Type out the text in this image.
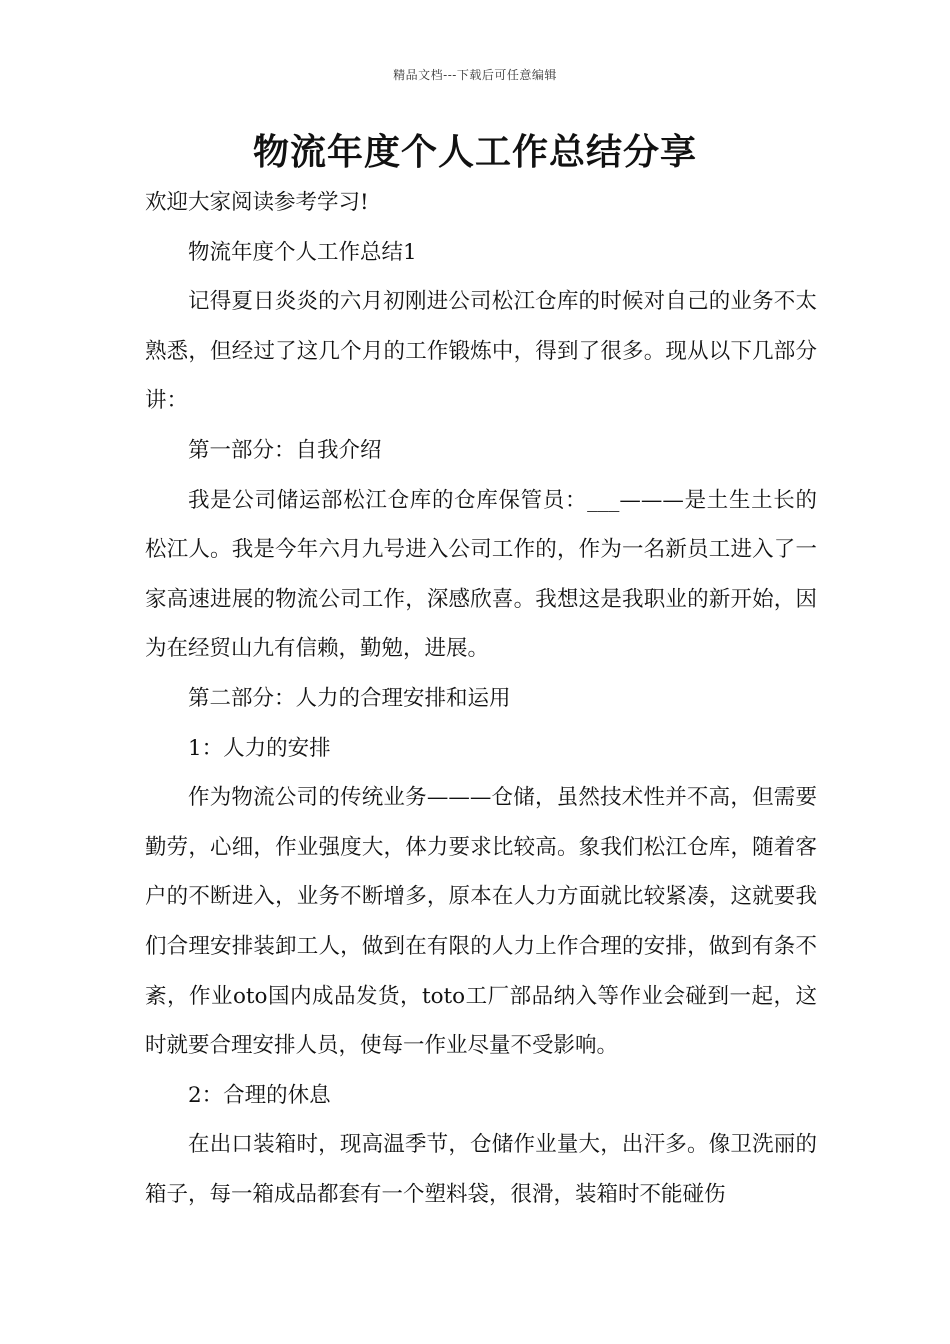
精品文档---下载后可任意编辑
物流年度个人工作总结分享

欢迎大家阅读参考学习!

物流年度个人工作总结1

记得夏日炎炎的六月初刚进公司松江仓库的时候对自己的业务不太熟悉，但经过了这几个月的工作锻炼中，得到了很多。现从以下几部分讲：

第一部分：自我介绍

我是公司储运部松江仓库的仓库保管员：___———是土生土长的松江人。我是今年六月九号进入公司工作的，作为一名新员工进入了一家高速进展的物流公司工作，深感欣喜。我想这是我职业的新开始，因为在经贸山九有信赖，勤勉，进展。

第二部分：人力的合理安排和运用

1：人力的安排

作为物流公司的传统业务———仓储，虽然技术性并不高，但需要勤劳，心细，作业强度大，体力要求比较高。象我们松江仓库，随着客户的不断进入，业务不断增多，原本在人力方面就比较紧凑，这就要我们合理安排装卸工人，做到在有限的人力上作合理的安排，做到有条不紊，作业oto国内成品发货，toto工厂部品纳入等作业会碰到一起，这时就要合理安排人员，使每一作业尽量不受影响。

2：合理的休息

在出口装箱时，现高温季节，仓储作业量大，出汗多。像卫洗丽的箱子，每一箱成品都套有一个塑料袋，很滑，装箱时不能碰伤
